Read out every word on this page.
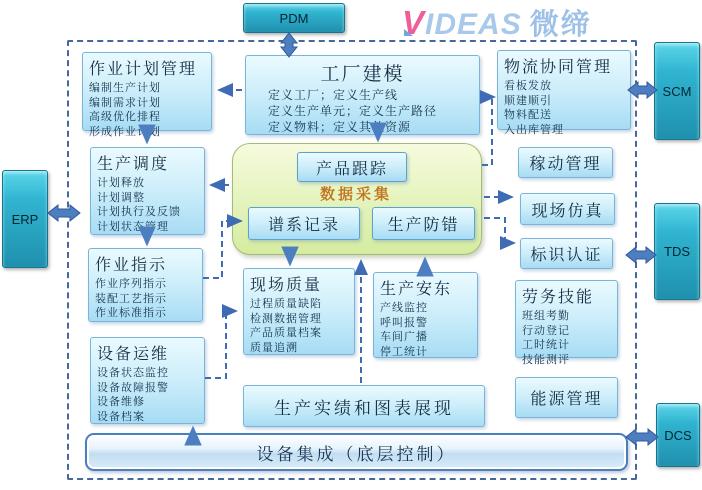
V IDEAS 微缔
PDM
ERP
SCM
TDS
DCS
作业计划管理
编制生产计划
编制需求计划
高级优化排程
形成作业计划
生产调度
计划释放
计划调整
计划执行及反馈
计划状态管理
作业指示
作业序列指示
装配工艺指示
作业标准指示
设备运维
设备状态监控
设备故障报警
设备维修
设备档案
工厂建模
定义工厂；定义生产线
定义生产单元；定义生产路径
定义物料；定义其他资源
数据采集
产品跟踪
谱系记录	生产防错
现场质量
过程质量缺陷
检测数据管理
产品质量档案
质量追溯
生产安东
产线监控
呼叫报警
车间广播
停工统计
生产实绩和图表展现
设备集成（底层控制）
物流协同管理
看板发放
顺建顺引
物料配送
入出库管理
稼动管理
现场仿真
标识认证
劳务技能
班组考勤
行动登记
工时统计
技能测评
能源管理
